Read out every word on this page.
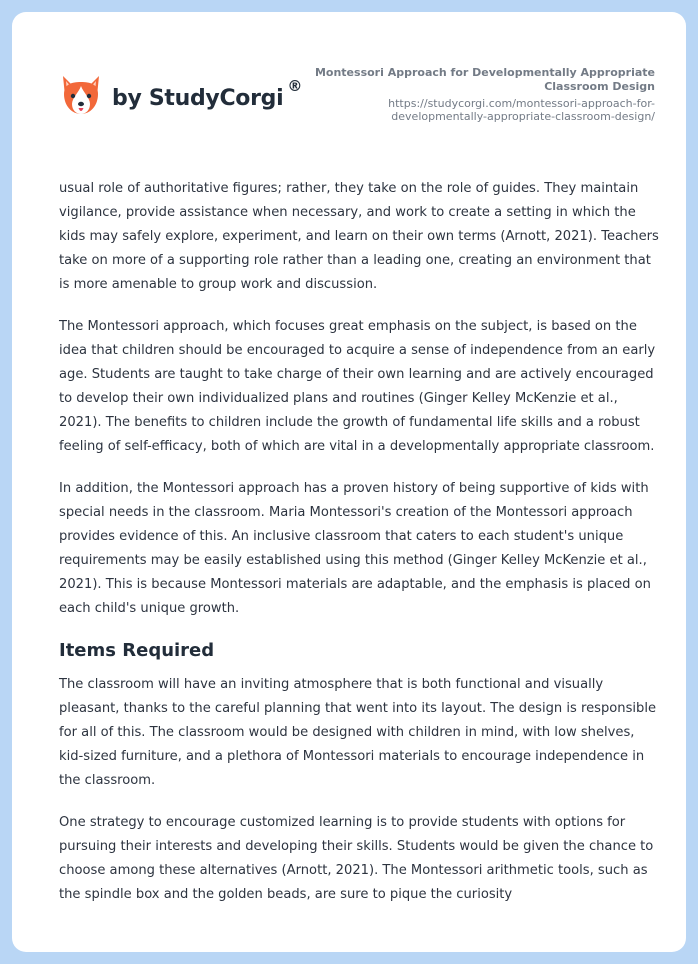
by StudyCorgi ®
Montessori Approach for Developmentally Appropriate Classroom Design
https://studycorgi.com/montessori-approach-for-developmentally-appropriate-classroom-design/

usual role of authoritative figures; rather, they take on the role of guides. They maintain vigilance, provide assistance when necessary, and work to create a setting in which the kids may safely explore, experiment, and learn on their own terms (Arnott, 2021). Teachers take on more of a supporting role rather than a leading one, creating an environment that is more amenable to group work and discussion.

The Montessori approach, which focuses great emphasis on the subject, is based on the idea that children should be encouraged to acquire a sense of independence from an early age. Students are taught to take charge of their own learning and are actively encouraged to develop their own individualized plans and routines (Ginger Kelley McKenzie et al., 2021). The benefits to children include the growth of fundamental life skills and a robust feeling of self-efficacy, both of which are vital in a developmentally appropriate classroom.

In addition, the Montessori approach has a proven history of being supportive of kids with special needs in the classroom. Maria Montessori's creation of the Montessori approach provides evidence of this. An inclusive classroom that caters to each student's unique requirements may be easily established using this method (Ginger Kelley McKenzie et al., 2021). This is because Montessori materials are adaptable, and the emphasis is placed on each child's unique growth.

Items Required

The classroom will have an inviting atmosphere that is both functional and visually pleasant, thanks to the careful planning that went into its layout. The design is responsible for all of this. The classroom would be designed with children in mind, with low shelves, kid-sized furniture, and a plethora of Montessori materials to encourage independence in the classroom.

One strategy to encourage customized learning is to provide students with options for pursuing their interests and developing their skills. Students would be given the chance to choose among these alternatives (Arnott, 2021). The Montessori arithmetic tools, such as the spindle box and the golden beads, are sure to pique the curiosity
